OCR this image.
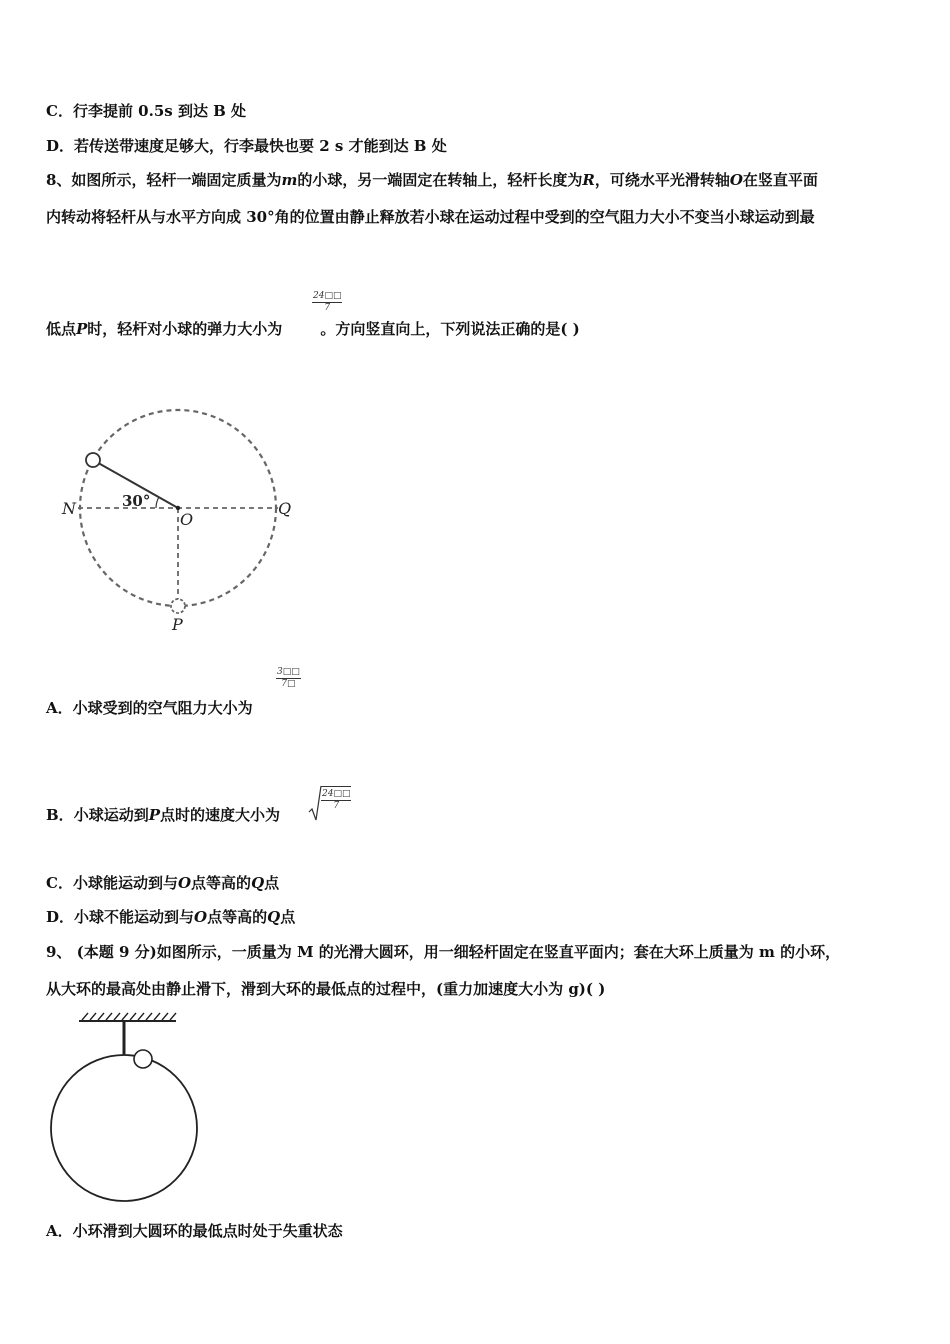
C．行李提前 0.5s 到达 B 处
D．若传送带速度足够大，行李最快也要 2 s 才能到达 B 处
8、如图所示，轻杆一端固定质量为m的小球，另一端固定在转轴上，轻杆长度为R，可绕水平光滑转轴O在竖直平面
内转动将轻杆从与水平方向成 30°角的位置由静止释放若小球在运动过程中受到的空气阻力大小不变当小球运动到最
低点P时，轻杆对小球的弹力大小为	。方向竖直向上，下列说法正确的是( )
$\frac{24□□}{7}$
N	Q
O
P
30°
A．小球受到的空气阻力大小为
$\frac{3□□}{7□}$
B．小球运动到P点时的速度大小为
$\frac{24□□}{7}$
C．小球能运动到与O点等高的Q点
D．小球不能运动到与O点等高的Q点
9、 (本题 9 分)如图所示，一质量为 M 的光滑大圆环，用一细轻杆固定在竖直平面内；套在大环上质量为 m 的小环，
从大环的最高处由静止滑下，滑到大环的最低点的过程中，(重力加速度大小为 g)( )
A．小环滑到大圆环的最低点时处于失重状态
